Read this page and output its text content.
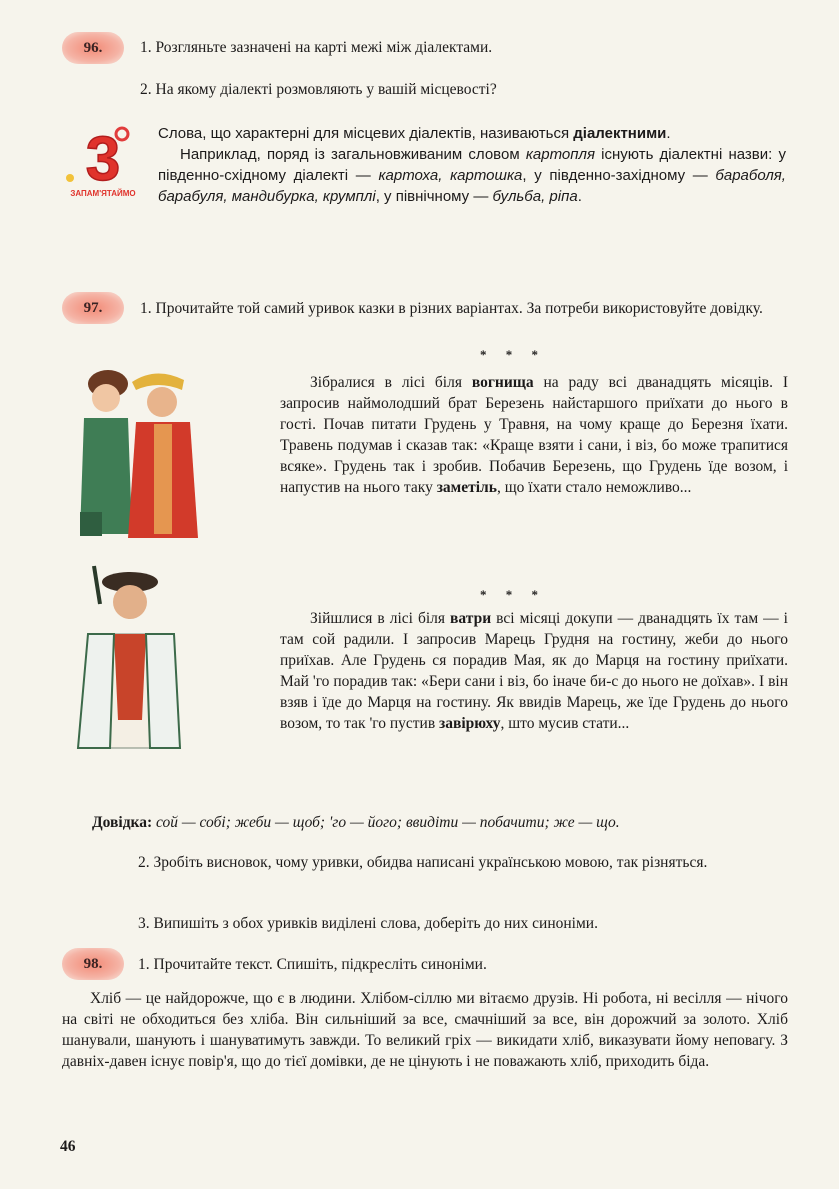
96.	1. Розгляньте зазначені на карті межі між діалектами.

2. На якому діалекті розмовляють у вашій місцевості?

3
ЗАПАМ'ЯТАЙМО

Слова, що характерні для місцевих діалектів, називаються діалектними.

Наприклад, поряд із загальновживаним словом картопля існують діалектні назви: у південно-східному діалекті — картоха, картошка, у південно-західному — бараболя, барабуля, мандибурка, крумплі, у північному — бульба, ріпа.

97.	1. Прочитайте той самий уривок казки в різних варіантах. За потреби використовуйте довідку.

* * *

Зібралися в лісі біля вогнища на раду всі дванадцять місяців. І запросив наймолодший брат Березень найстаршого приїхати до нього в гості. Почав питати Грудень у Травня, на чому краще до Березня їхати. Травень подумав і сказав так: «Краще взяти і сани, і віз, бо може трапитися всяке». Грудень так і зробив. Побачив Березень, що Грудень їде возом, і напустив на нього таку заметіль, що їхати стало неможливо...

* * *

Зійшлися в лісі біля ватри всі місяці докупи — дванадцять їх там — і там сой радили. І запросив Марець Грудня на гостину, жеби до нього приїхав. Але Грудень ся порадив Мая, як до Марця на гостину приїхати. Май 'го порадив так: «Бери сани і віз, бо іначе би-с до нього не доїхав». І він взяв і їде до Марця на гостину. Як ввидів Марець, же їде Грудень до нього возом, то так 'го пустив завірюху, што мусив стати...

Довідка: сой — собі; жеби — щоб; 'го — його; ввидіти — побачити; же — що.

2. Зробіть висновок, чому уривки, обидва написані українською мовою, так різняться.

3. Випишіть з обох уривків виділені слова, доберіть до них синоніми.

98.	1. Прочитайте текст. Спишіть, підкресліть синоніми.

Хліб — це найдорожче, що є в людини. Хлібом-сіллю ми вітаємо друзів. Ні робота, ні весілля — нічого на світі не обходиться без хліба. Він сильніший за все, смачніший за все, він дорожчий за золото. Хліб шанували, шанують і шануватимуть завжди. То великий гріх — викидати хліб, виказувати йому неповагу. З давніх-давен існує повір'я, що до тієї домівки, де не цінують і не поважають хліб, приходить біда.

46
